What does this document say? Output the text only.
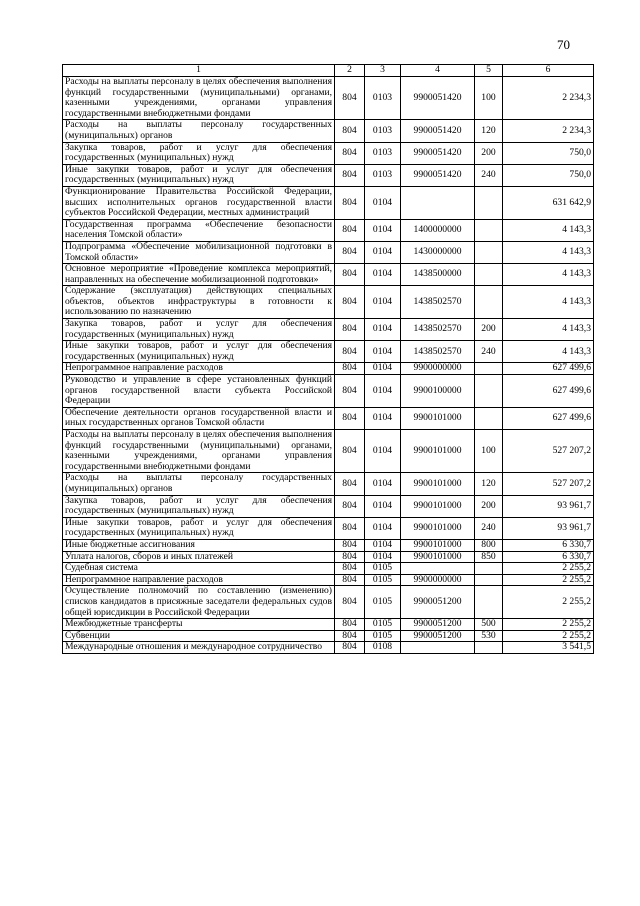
70
1	2	3	4	5	6
Расходы на выплаты персоналу в целях обеспечения выполнения функций государственными (муниципальными) органами, казенными учреждениями, органами управления государственными внебюджетными фондами	804	0103	9900051420	100	2 234,3
Расходы на выплаты персоналу государственных (муниципальных) органов	804	0103	9900051420	120	2 234,3
Закупка товаров, работ и услуг для обеспечения государственных (муниципальных) нужд	804	0103	9900051420	200	750,0
Иные закупки товаров, работ и услуг для обеспечения государственных (муниципальных) нужд	804	0103	9900051420	240	750,0
Функционирование Правительства Российской Федерации, высших исполнительных органов государственной власти субъектов Российской Федерации, местных администраций	804	0104			631 642,9
Государственная программа «Обеспечение безопасности населения Томской области»	804	0104	1400000000		4 143,3
Подпрограмма «Обеспечение мобилизационной подготовки в Томской области»	804	0104	1430000000		4 143,3
Основное мероприятие «Проведение комплекса мероприятий, направленных на обеспечение мобилизационной подготовки»	804	0104	1438500000		4 143,3
Содержание (эксплуатация) действующих специальных объектов, объектов инфраструктуры в готовности к использованию по назначению	804	0104	1438502570		4 143,3
Закупка товаров, работ и услуг для обеспечения государственных (муниципальных) нужд	804	0104	1438502570	200	4 143,3
Иные закупки товаров, работ и услуг для обеспечения государственных (муниципальных) нужд	804	0104	1438502570	240	4 143,3
Непрограммное направление расходов	804	0104	9900000000		627 499,6
Руководство и управление в сфере установленных функций органов государственной власти субъекта Российской Федерации	804	0104	9900100000		627 499,6
Обеспечение деятельности органов государственной власти и иных государственных органов Томской области	804	0104	9900101000		627 499,6
Расходы на выплаты персоналу в целях обеспечения выполнения функций государственными (муниципальными) органами, казенными учреждениями, органами управления государственными внебюджетными фондами	804	0104	9900101000	100	527 207,2
Расходы на выплаты персоналу государственных (муниципальных) органов	804	0104	9900101000	120	527 207,2
Закупка товаров, работ и услуг для обеспечения государственных (муниципальных) нужд	804	0104	9900101000	200	93 961,7
Иные закупки товаров, работ и услуг для обеспечения государственных (муниципальных) нужд	804	0104	9900101000	240	93 961,7
Иные бюджетные ассигнования	804	0104	9900101000	800	6 330,7
Уплата налогов, сборов и иных платежей	804	0104	9900101000	850	6 330,7
Судебная система	804	0105			2 255,2
Непрограммное направление расходов	804	0105	9900000000		2 255,2
Осуществление полномочий по составлению (изменению) списков кандидатов в присяжные заседатели федеральных судов общей юрисдикции в Российской Федерации	804	0105	9900051200		2 255,2
Межбюджетные трансферты	804	0105	9900051200	500	2 255,2
Субвенции	804	0105	9900051200	530	2 255,2
Международные отношения и международное сотрудничество	804	0108			3 541,5
